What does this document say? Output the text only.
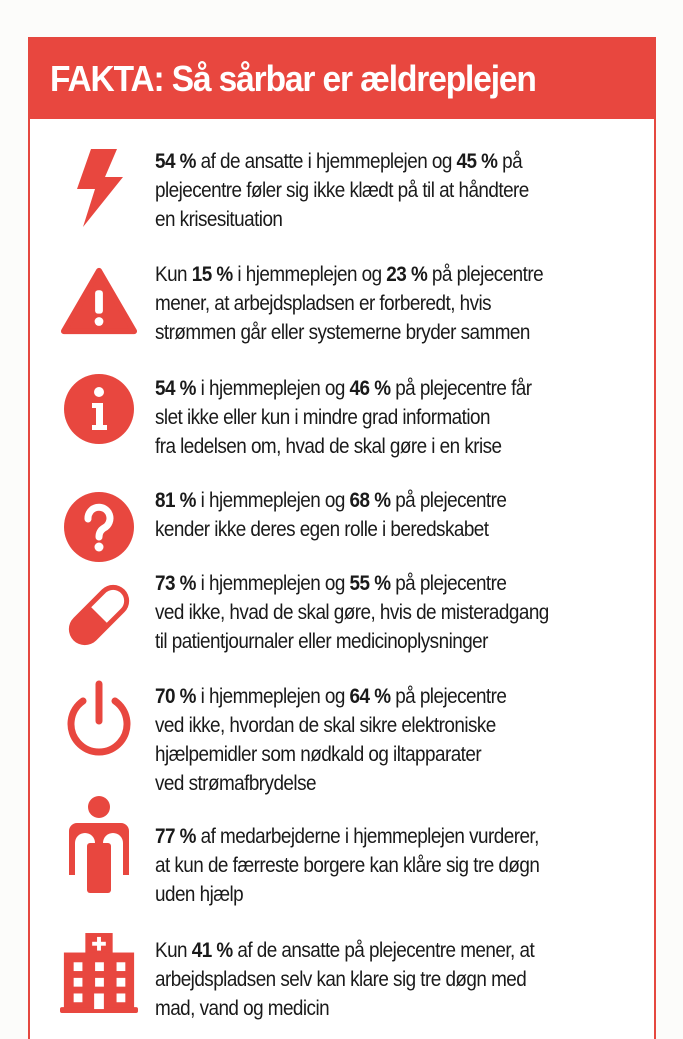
FAKTA: Så sårbar er ældreplejen
54 % af de ansatte i hjemmeplejen og 45 % på
plejecentre føler sig ikke klædt på til at håndtere
en krisesituation
Kun 15 % i hjemmeplejen og 23 % på plejecentre
mener, at arbejdspladsen er forberedt, hvis
strømmen går eller systemerne bryder sammen
54 % i hjemmeplejen og 46 % på plejecentre får
slet ikke eller kun i mindre grad information
fra ledelsen om, hvad de skal gøre i en krise
81 % i hjemmeplejen og 68 % på plejecentre
kender ikke deres egen rolle i beredskabet
73 % i hjemmeplejen og 55 % på plejecentre
ved ikke, hvad de skal gøre, hvis de misteradgang
til patientjournaler eller medicinoplysninger
70 % i hjemmeplejen og 64 % på plejecentre
ved ikke, hvordan de skal sikre elektroniske
hjælpemidler som nødkald og iltapparater
ved strømafbrydelse
77 % af medarbejderne i hjemmeplejen vurderer,
at kun de færreste borgere kan klåre sig tre døgn
uden hjælp
Kun 41 % af de ansatte på plejecentre mener, at
arbejdspladsen selv kan klare sig tre døgn med
mad, vand og medicin
